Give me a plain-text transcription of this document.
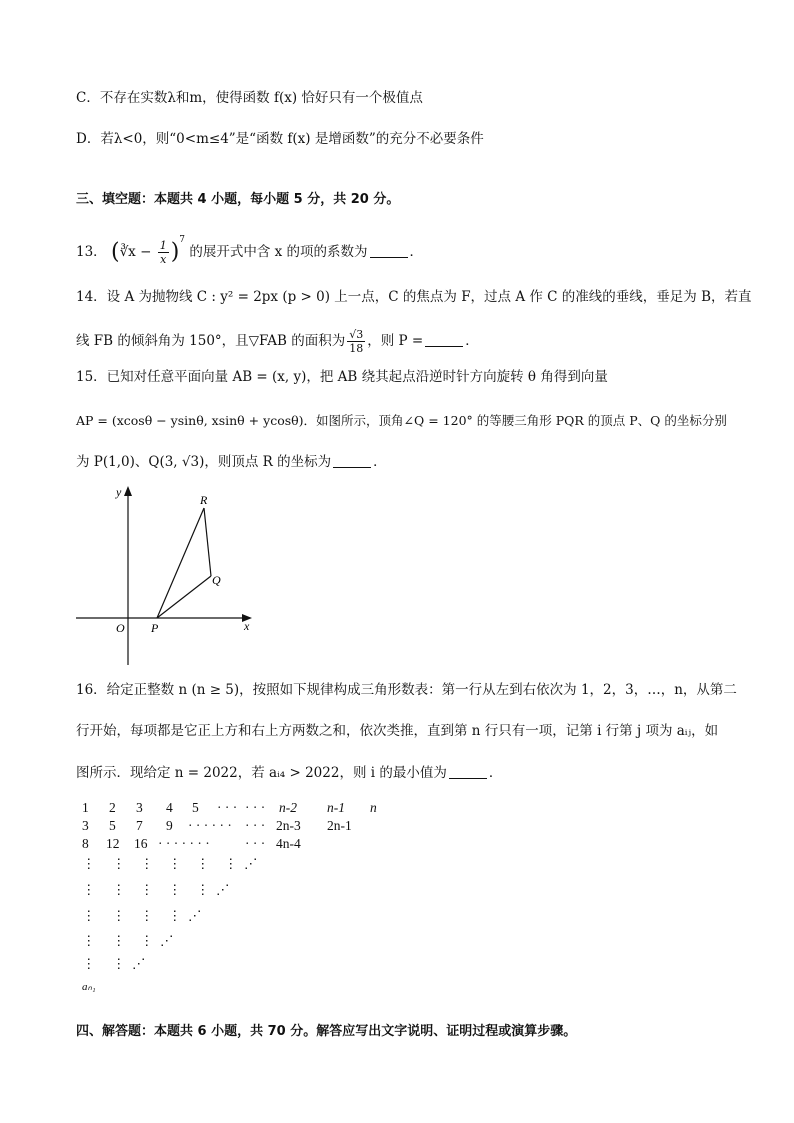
C．不存在实数λ和m，使得函数 f(x) 恰好只有一个极值点
D．若λ<0，则“0<m≤4”是“函数 f(x) 是增函数”的充分不必要条件
三、填空题：本题共 4 小题，每小题 5 分，共 20 分。
13． (∛x − $\frac{1}{x} )^7$ 的展开式中含 x 的项的系数为	．
14．设 A 为抛物线 C : y² = 2px (p > 0) 上一点，C 的焦点为 F，过点 A 作 C 的准线的垂线，垂足为 B，若直
线 FB 的倾斜角为 150°，且▽FAB 的面积为 $\frac{√3}{18}$ ，则 P =	．
15．已知对任意平面向量 AB = (x, y)，把 AB 绕其起点沿逆时针方向旋转 θ 角得到向量
AP = (xcosθ − ysinθ, xsinθ + ycosθ)．如图所示，顶角∠Q = 120° 的等腰三角形 PQR 的顶点 P、Q 的坐标分别
为 P(1,0)、Q(3, √3)，则顶点 R 的坐标为	．
y
x
O P
Q
R
16．给定正整数 n (n ≥ 5)，按照如下规律构成三角形数表：第一行从左到右依次为 1，2，3，…，n，从第二
行开始，每项都是它正上方和右上方两数之和，依次类推，直到第 n 行只有一项，记第 i 行第 j 项为 aᵢⱼ，如
图所示．现给定 n = 2022，若 aᵢ₄ > 2022，则 i 的最小值为	．
1 2 3 4 5 · · · · · · n-2 n-1 n
3 5 7 9 · · · · · · · · · 2n-3 2n-1
8 12 16 · · · · · · ·	· · · 4n-4
⋮ ⋮ ⋮ ⋮ ⋮ ⋮ ⋰
⋮ ⋮ ⋮ ⋮ ⋮ ⋰
⋮ ⋮ ⋮ ⋮ ⋰
⋮ ⋮ ⋮ ⋰
⋮ ⋮ ⋰
aₙ₁
四、解答题：本题共 6 小题，共 70 分。解答应写出文字说明、证明过程或演算步骤。
